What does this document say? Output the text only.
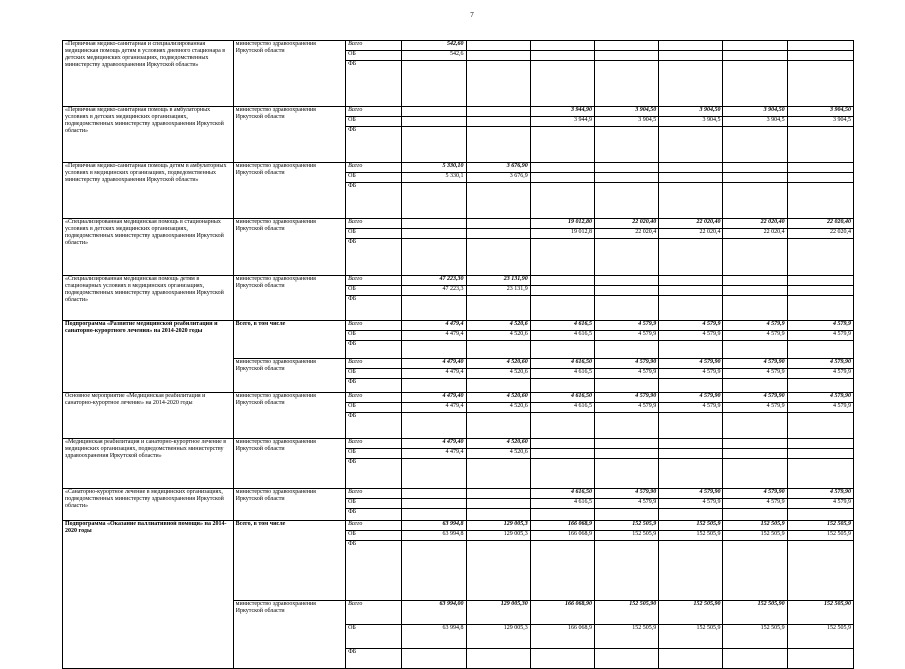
7
«Первичная медико-санитарная и специализированная медицинская помощь детям в условиях дневного стационара в детских медицинских организациях, подведомственных министерству здравоохранения Иркутской области»	министерство здравоохранения Иркутской области	Всего	542,60						
		ОБ	542,6						
		ФБ							
«Первичная медико-санитарная помощь в амбулаторных условиях в детских медицинских организациях, подведомственных министерству здравоохранения Иркутской области»	министерство здравоохранения Иркутской области	Всего			3 944,90	3 904,50	3 904,50	3 904,50	3 904,50
		ОБ			3 944,9	3 904,5	3 904,5	3 904,5	3 904,5
		ФБ							
«Первичная медико-санитарная помощь детям в амбулаторных условиях в медицинских организациях, подведомственных министерству здравоохранения Иркутской области»	министерство здравоохранения Иркутской области	Всего	5 330,10	3 676,90					
		ОБ	5 330,1	3 676,9					
		ФБ							
«Специализированная медицинская помощь в стационарных условиях в детских медицинских организациях, подведомственных министерству здравоохранения Иркутской области»	министерство здравоохранения Иркутской области	Всего			19 012,80	22 020,40	22 020,40	22 020,40	22 020,40
		ОБ			19 012,8	22 020,4	22 020,4	22 020,4	22 020,4
		ФБ							
«Специализированная медицинская помощь детям в стационарных условиях в медицинских организациях, подведомственных министерству здравоохранения Иркутской области»	министерство здравоохранения Иркутской области	Всего	47 223,30	23 131,90					
		ОБ	47 223,3	23 131,9					
		ФБ							
Подпрограмма «Развитие медицинской реабилитации и санаторно-курортного лечения» на 2014-2020 годы	Всего, в том числе	Всего	4 479,4	4 520,6	4 616,5	4 579,9	4 579,9	4 579,9	4 579,9
		ОБ	4 479,4	4 520,6	4 616,5	4 579,9	4 579,9	4 579,9	4 579,9
		ФБ							
	министерство здравоохранения Иркутской области	Всего	4 479,40	4 520,60	4 616,50	4 579,90	4 579,90	4 579,90	4 579,90
		ОБ	4 479,4	4 520,6	4 616,5	4 579,9	4 579,9	4 579,9	4 579,9
		ФБ							
Основное мероприятие «Медицинская реабилитация и санаторно-курортное лечение» на 2014-2020 годы	министерство здравоохранения Иркутской области	Всего	4 479,40	4 520,60	4 616,50	4 579,90	4 579,90	4 579,90	4 579,90
		ОБ	4 479,4	4 520,6	4 616,5	4 579,9	4 579,9	4 579,9	4 579,9
		ФБ							
«Медицинская реабилитация и санаторно-курортное лечение в медицинских организациях, подведомственных министерству здравоохранения Иркутской области»	министерство здравоохранения Иркутской области	Всего	4 479,40	4 520,60					
		ОБ	4 479,4	4 520,6					
		ФБ							
«Санаторно-курортное лечение в медицинских организациях, подведомственных министерству здравоохранения Иркутской области»	министерство здравоохранения Иркутской области	Всего			4 616,50	4 579,90	4 579,90	4 579,90	4 579,90
		ОБ			4 616,5	4 579,9	4 579,9	4 579,9	4 579,9
		ФБ							
Подпрограмма «Оказание паллиативной помощи» на 2014-2020 годы	Всего, в том числе	Всего	63 994,8	129 005,3	166 068,9	152 505,9	152 505,9	152 505,9	152 505,9
		ОБ	63 994,8	129 005,3	166 068,9	152 505,9	152 505,9	152 505,9	152 505,9
		ФБ							
	министерство здравоохранения Иркутской области	Всего	63 994,00	129 005,30	166 068,90	152 505,90	152 505,90	152 505,90	152 505,90
		ОБ	63 994,8	129 005,3	166 068,9	152 505,9	152 505,9	152 505,9	152 505,9
		ФБ							
